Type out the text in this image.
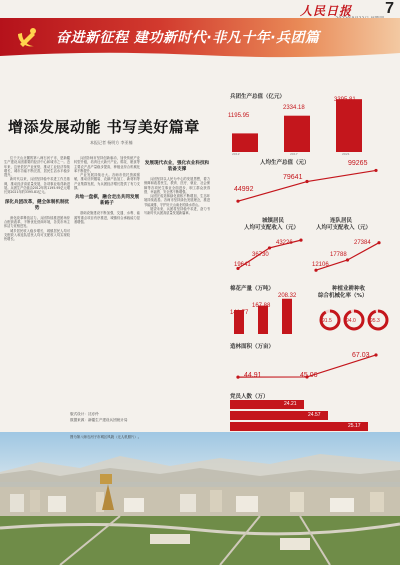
人民日报 7
奋进新征程 建功新时代·非凡十年·兵团篇
增添发展动能 书写美好篇章
本报记者 杨明方 李亚楠

位于天山北麓的第八师石河子市，是新疆生产建设兵团重要的经济中心和城市之一。近年来，这里依托产业优势，推动工业经济持续增长，城市功能不断完善，居民生活水平稳步提升。

新时代以来，兵团坚持稳中求进工作总基调，推动经济高质量发展，各项事业取得新进展。兵团生产总值由2012年的1195.95亿元增长到2021年的3395.81亿元。

深化兵团改革，健全体制机制优势

深化改革释放活力。兵团持续推进团场综合配套改革，不断优化营商环境，各类市场主体活力竞相迸发。

城乡居民收入稳步增长，城镇居民人均可支配收入和连队居民人均可支配收入均实现较快增长。

兵团各师市坚持创新驱动，加快传统产业转型升级，培育壮大新兴产业。棉花、粮食等主要农产品产量稳步提高，种植业综合机械化率不断提升。

产业发展持续壮大。各师市依托资源禀赋，推动纺织服装、农副产品加工、新材料等产业集群发展，为兵团经济增长提供了有力支撑。

兵地一盘棋，融合走出共同发展新路子

基础设施建设不断加强，交通、水利、能源等重点项目有序推进，城镇综合承载能力显著增强。

发展现代农业，强化农业科技和装备支撑

兵团坚持以人民为中心的发展思想，着力保障和改善民生，教育、医疗、就业、社会保障等各项民生事业全面进步，职工群众获得感、幸福感、安全感不断增强。

兵团完成造林绿化面积不断增加，生态环境持续改善。各师市坚持绿色发展理念，推进节能减排，守护好天山南北的绿水青山。

展望未来，兵团将坚持稳中求进，奋力书写新时代兵团高质量发展新篇章。

版式设计：沈亦伶
数据来源：新疆生产建设兵团统计局
兵团生产总值（亿元）
1195.95
2334.18
3395.81
2012	2017	2021
人均生产总值（元）
44992
79641
99265
城镇居民
人均可支配收入（元）
19641
36730
43226
连队居民
人均可支配收入（元）
12106
17788
27384
棉花产量（万吨）
141.77
167.88
208.32
种植业耕种收
综合机械化率（%）
91.5	94.0	95.3
造林面积（万亩）
44.91	45.06
67.03
党员人数（万）
24.21
24.57
25.17
图为第八师石河子市城区风貌（无人机照片）。
